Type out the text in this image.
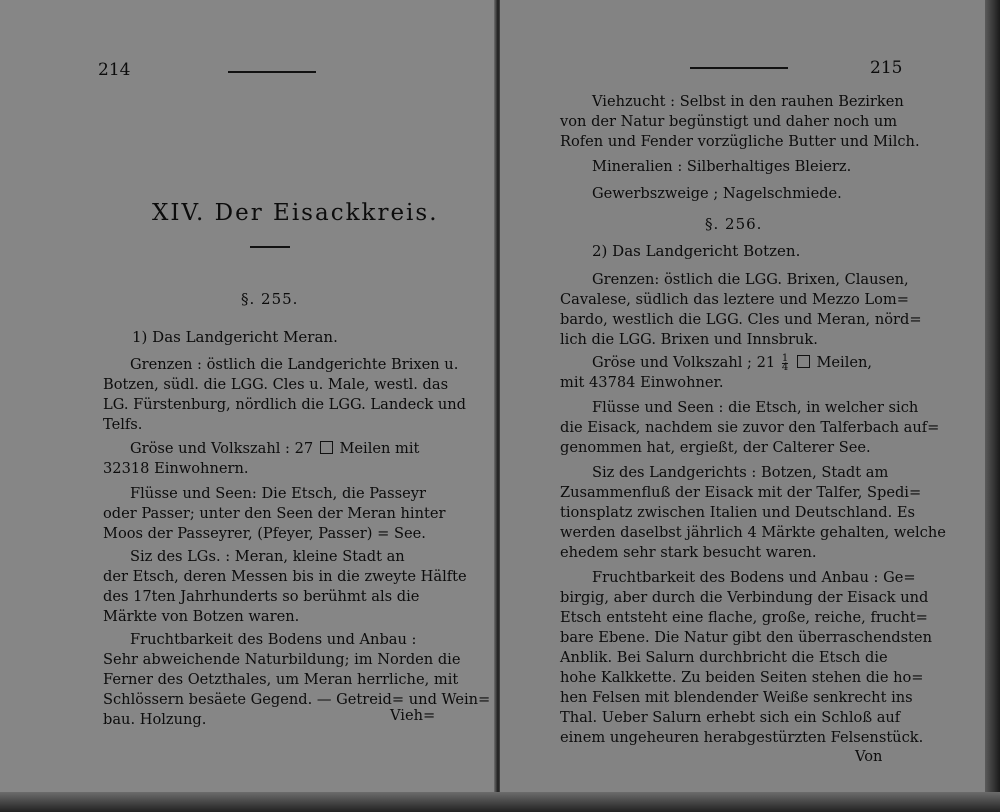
214
XIV. Der Eisackkreis.
§. 255.
1) Das Landgericht Meran.
Grenzen : östlich die Landgerichte Brixen u.
Botzen, südl. die LGG. Cles u. Male, westl. das
LG. Fürstenburg, nördlich die LGG. Landeck und
Telfs.
Gröse und Volkszahl : 27 Meilen mit
32318 Einwohnern.
Flüsse und Seen: Die Etsch, die Passeyr
oder Passer; unter den Seen der Meran hinter
Moos der Passeyrer, (Pfeyer, Passer) = See.
Siz des LGs. : Meran, kleine Stadt an
der Etsch, deren Messen bis in die zweyte Hälfte
des 17ten Jahrhunderts so berühmt als die
Märkte von Botzen waren.
Fruchtbarkeit des Bodens und Anbau :
Sehr abweichende Naturbildung; im Norden die
Ferner des Oetzthales, um Meran herrliche, mit
Schlössern besäete Gegend. — Getreid= und Wein=
bau. Holzung.	Vieh=
215
Viehzucht : Selbst in den rauhen Bezirken
von der Natur begünstigt und daher noch um
Rofen und Fender vorzügliche Butter und Milch.
Mineralien : Silberhaltiges Bleierz.
Gewerbszweige ; Nagelschmiede.
§. 256.
2) Das Landgericht Botzen.
Grenzen: östlich die LGG. Brixen, Clausen,
Cavalese, südlich das leztere und Mezzo Lom=
bardo, westlich die LGG. Cles und Meran, nörd=
lich die LGG. Brixen und Innsbruk.
Gröse und Volkszahl ; $21 \frac{1}{4}$ Meilen,
mit 43784 Einwohner.
Flüsse und Seen : die Etsch, in welcher sich
die Eisack, nachdem sie zuvor den Talferbach auf=
genommen hat, ergießt, der Calterer See.
Siz des Landgerichts : Botzen, Stadt am
Zusammenfluß der Eisack mit der Talfer, Spedi=
tionsplatz zwischen Italien und Deutschland. Es
werden daselbst jährlich 4 Märkte gehalten, welche
ehedem sehr stark besucht waren.
Fruchtbarkeit des Bodens und Anbau : Ge=
birgig, aber durch die Verbindung der Eisack und
Etsch entsteht eine flache, große, reiche, frucht=
bare Ebene. Die Natur gibt den überraschendsten
Anblik. Bei Salurn durchbricht die Etsch die
hohe Kalkkette. Zu beiden Seiten stehen die ho=
hen Felsen mit blendender Weiße senkrecht ins
Thal. Ueber Salurn erhebt sich ein Schloß auf
einem ungeheuren herabgestürzten Felsenstück.
Von
